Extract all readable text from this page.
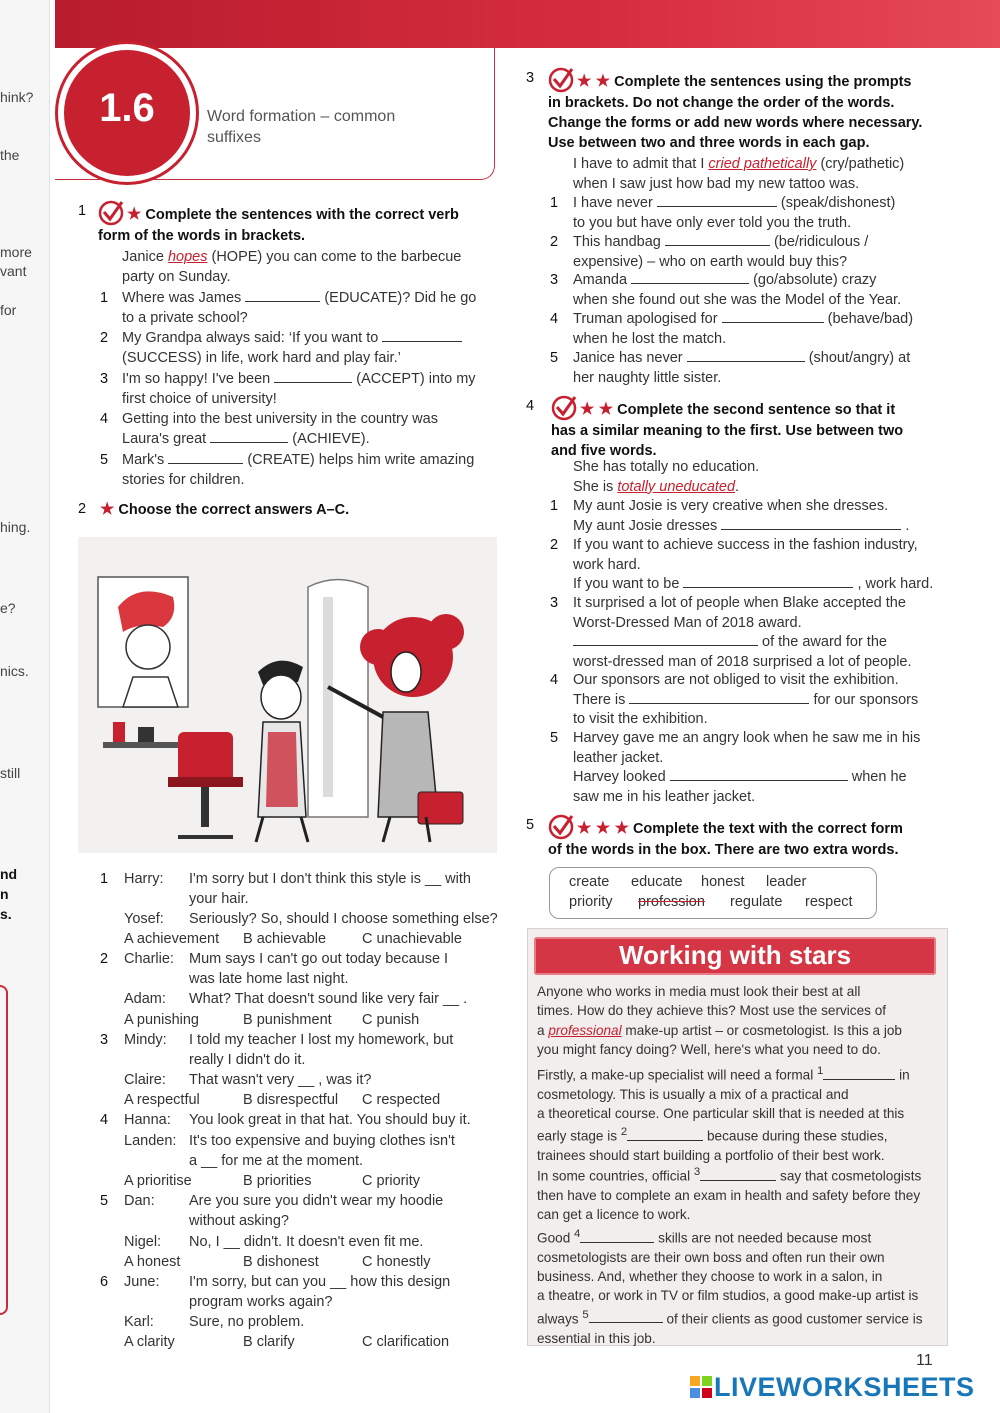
hink?
the
more
vant
for
hing.
e?
nics.
still
nd
n
s.
1.6
USE OF ENGLISH
Word formation – common
suffixes
1	★ Complete the sentences with the correct verb
form of the words in brackets.
Janice hopes (HOPE) you can come to the barbecue
party on Sunday.
1 Where was James	(EDUCATE)? Did he go
to a private school?
2 My Grandpa always said: ‘If you want to
(SUCCESS) in life, work hard and play fair.’
3 I'm so happy! I've been	(ACCEPT) into my
first choice of university!
4 Getting into the best university in the country was
Laura's great	(ACHIEVE).
5 Mark's	(CREATE) helps him write amazing
stories for children.
2 ★ Choose the correct answers A–C.
1 Harry: I'm sorry but I don't think this style is __ with
your hair.
Yosef: Seriously? So, should I choose something else?
A achievement B achievable C unachievable
2 Charlie: Mum says I can't go out today because I
was late home last night.
Adam: What? That doesn't sound like very fair __ .
A punishing	B punishment C punish
3 Mindy: I told my teacher I lost my homework, but
really I didn't do it.
Claire: That wasn't very __ , was it?
A respectful	B disrespectful C respected
4 Hanna: You look great in that hat. You should buy it.
Landen: It's too expensive and buying clothes isn't
a __ for me at the moment.
A prioritise	B priorities	C priority
5 Dan: Are you sure you didn't wear my hoodie
without asking?
Nigel: No, I __ didn't. It doesn't even fit me.
A honest	B dishonest	C honestly
6 June: I'm sorry, but can you __ how this design
program works again?
Karl: Sure, no problem.
A clarity	B clarify	C clarification
3	★ ★ Complete the sentences using the prompts
in brackets. Do not change the order of the words.
Change the forms or add new words where necessary.
Use between two and three words in each gap.
I have to admit that I cried pathetically (cry/pathetic)
when I saw just how bad my new tattoo was.
1 I have never	(speak/dishonest)
to you but have only ever told you the truth.
2 This handbag	(be/ridiculous /
expensive) – who on earth would buy this?
3 Amanda	(go/absolute) crazy
when she found out she was the Model of the Year.
4 Truman apologised for	(behave/bad)
when he lost the match.
5 Janice has never	(shout/angry) at
her naughty little sister.
4	★ ★ Complete the second sentence so that it
has a similar meaning to the first. Use between two
and five words.
She has totally no education.
She is totally uneducated.
1 My aunt Josie is very creative when she dresses.
My aunt Josie dresses	.
2 If you want to achieve success in the fashion industry,
work hard.
If you want to be	, work hard.
3 It surprised a lot of people when Blake accepted the
Worst-Dressed Man of 2018 award.
of the award for the
worst-dressed man of 2018 surprised a lot of people.
4 Our sponsors are not obliged to visit the exhibition.
There is	for our sponsors
to visit the exhibition.
5 Harvey gave me an angry look when he saw me in his
leather jacket.
Harvey looked	when he
saw me in his leather jacket.
5	★ ★ ★ Complete the text with the correct form
of the words in the box. There are two extra words.
create educate honest leader
priority profession regulate respect
Working with stars
Anyone who works in media must look their best at all
times. How do they achieve this? Most use the services of
a professional make-up artist – or cosmetologist. Is this a job
you might fancy doing? Well, here's what you need to do.
Firstly, a make-up specialist will need a formal $^1$	in
cosmetology. This is usually a mix of a practical and
a theoretical course. One particular skill that is needed at this
early stage is $^2$	because during these studies,
trainees should start building a portfolio of their best work.
In some countries, official $^3$	say that cosmetologists
then have to complete an exam in health and safety before they
can get a licence to work.
Good $^4$	skills are not needed because most
cosmetologists are their own boss and often run their own
business. And, whether they choose to work in a salon, in
a theatre, or work in TV or film studios, a good make-up artist is
always $^5$	of their clients as good customer service is
essential in this job.
11
LIVEWORKSHEETS
